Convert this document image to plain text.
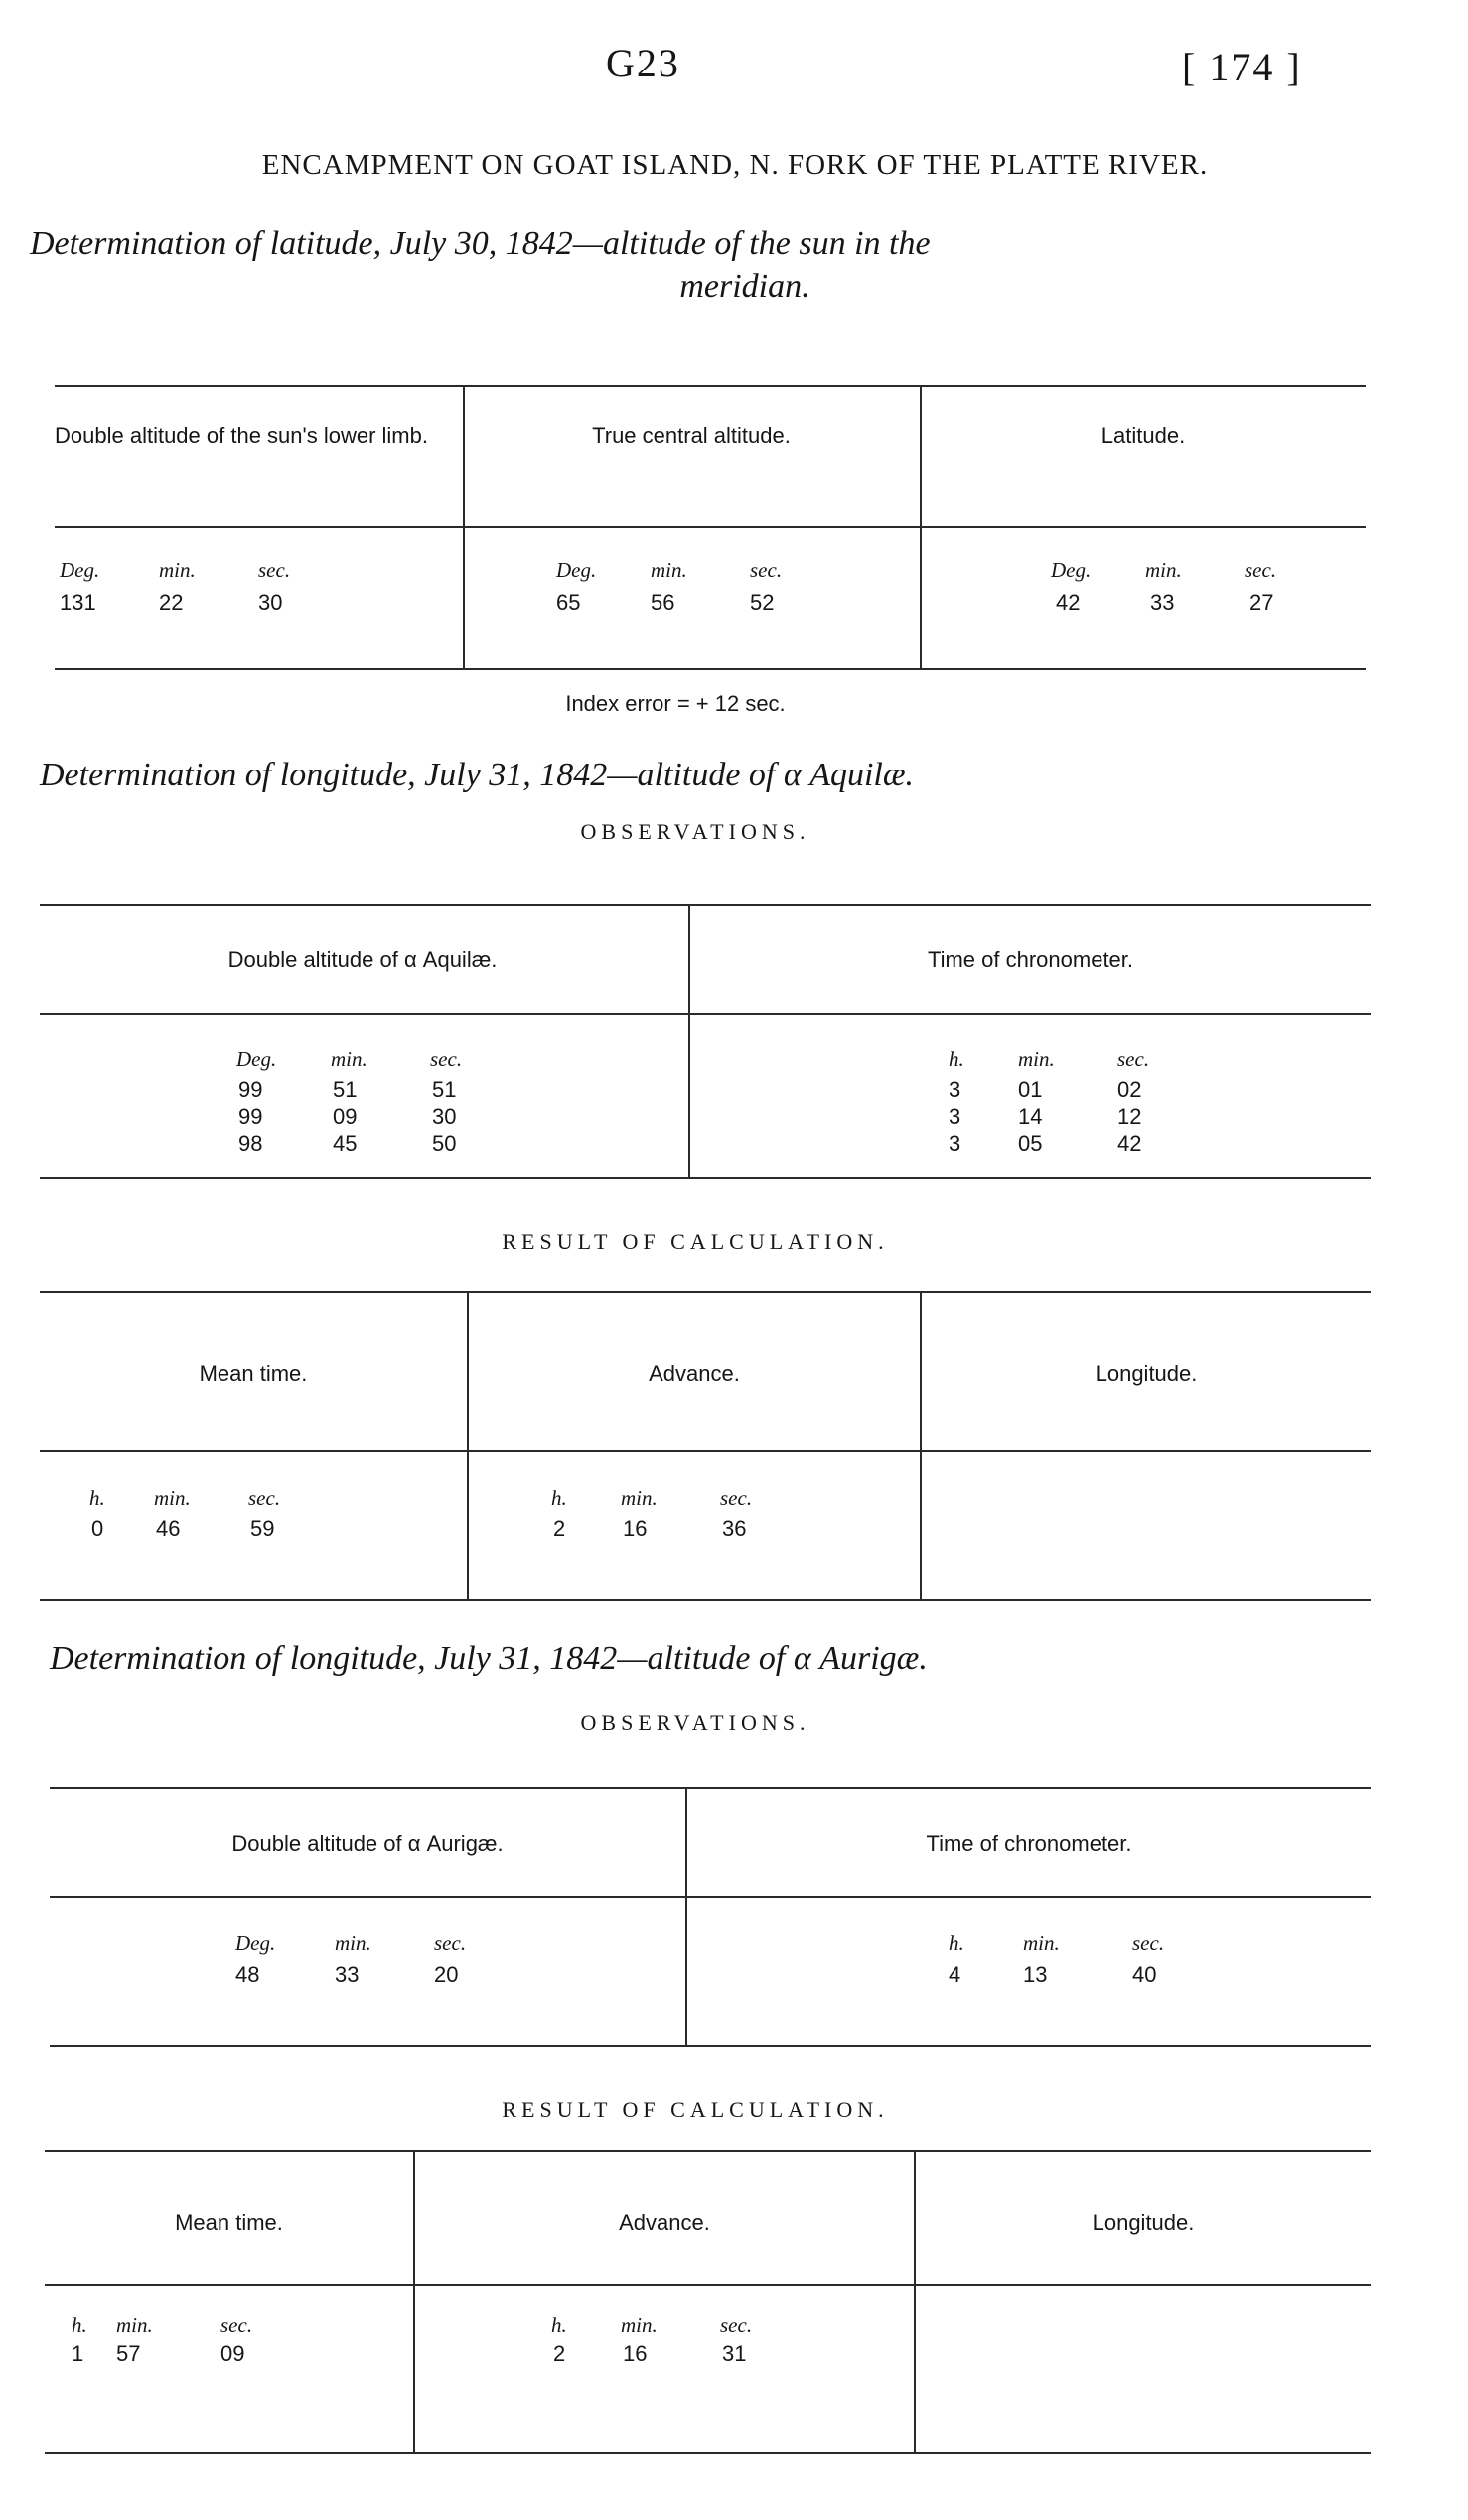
G23	[ 174 ]
ENCAMPMENT ON GOAT ISLAND, N. FORK OF THE PLATTE RIVER.
Determination of latitude, July 30, 1842—altitude of the sun in the
meridian.
Double altitude of the sun's lower limb.	True central altitude.	Latitude.
Deg.	min.	sec.
131	22	30
Deg.	min.	sec.
65	56	52
Deg.	min.	sec.
42	33	27
Index error = + 12 sec.
Determination of longitude, July 31, 1842—altitude of α Aquilæ.
OBSERVATIONS.
Double altitude of α Aquilæ.	Time of chronometer.
Deg.	min.	sec.
99	51	51
99	09	30
98	45	50
h.	min.	sec.
3	01	02
3	14	12
3	05	42
RESULT OF CALCULATION.
Mean time.	Advance.	Longitude.
h.	min.	sec.
0	46	59
h.	min.	sec.
2	16	36
Determination of longitude, July 31, 1842—altitude of α Aurigæ.
OBSERVATIONS.
Double altitude of α Aurigæ.	Time of chronometer.
Deg.	min.	sec.
48	33	20
h.	min.	sec.
4	13	40
RESULT OF CALCULATION.
Mean time.	Advance.	Longitude.
h.	min.	sec.
1	57	09
h.	min.	sec.
2	16	31
